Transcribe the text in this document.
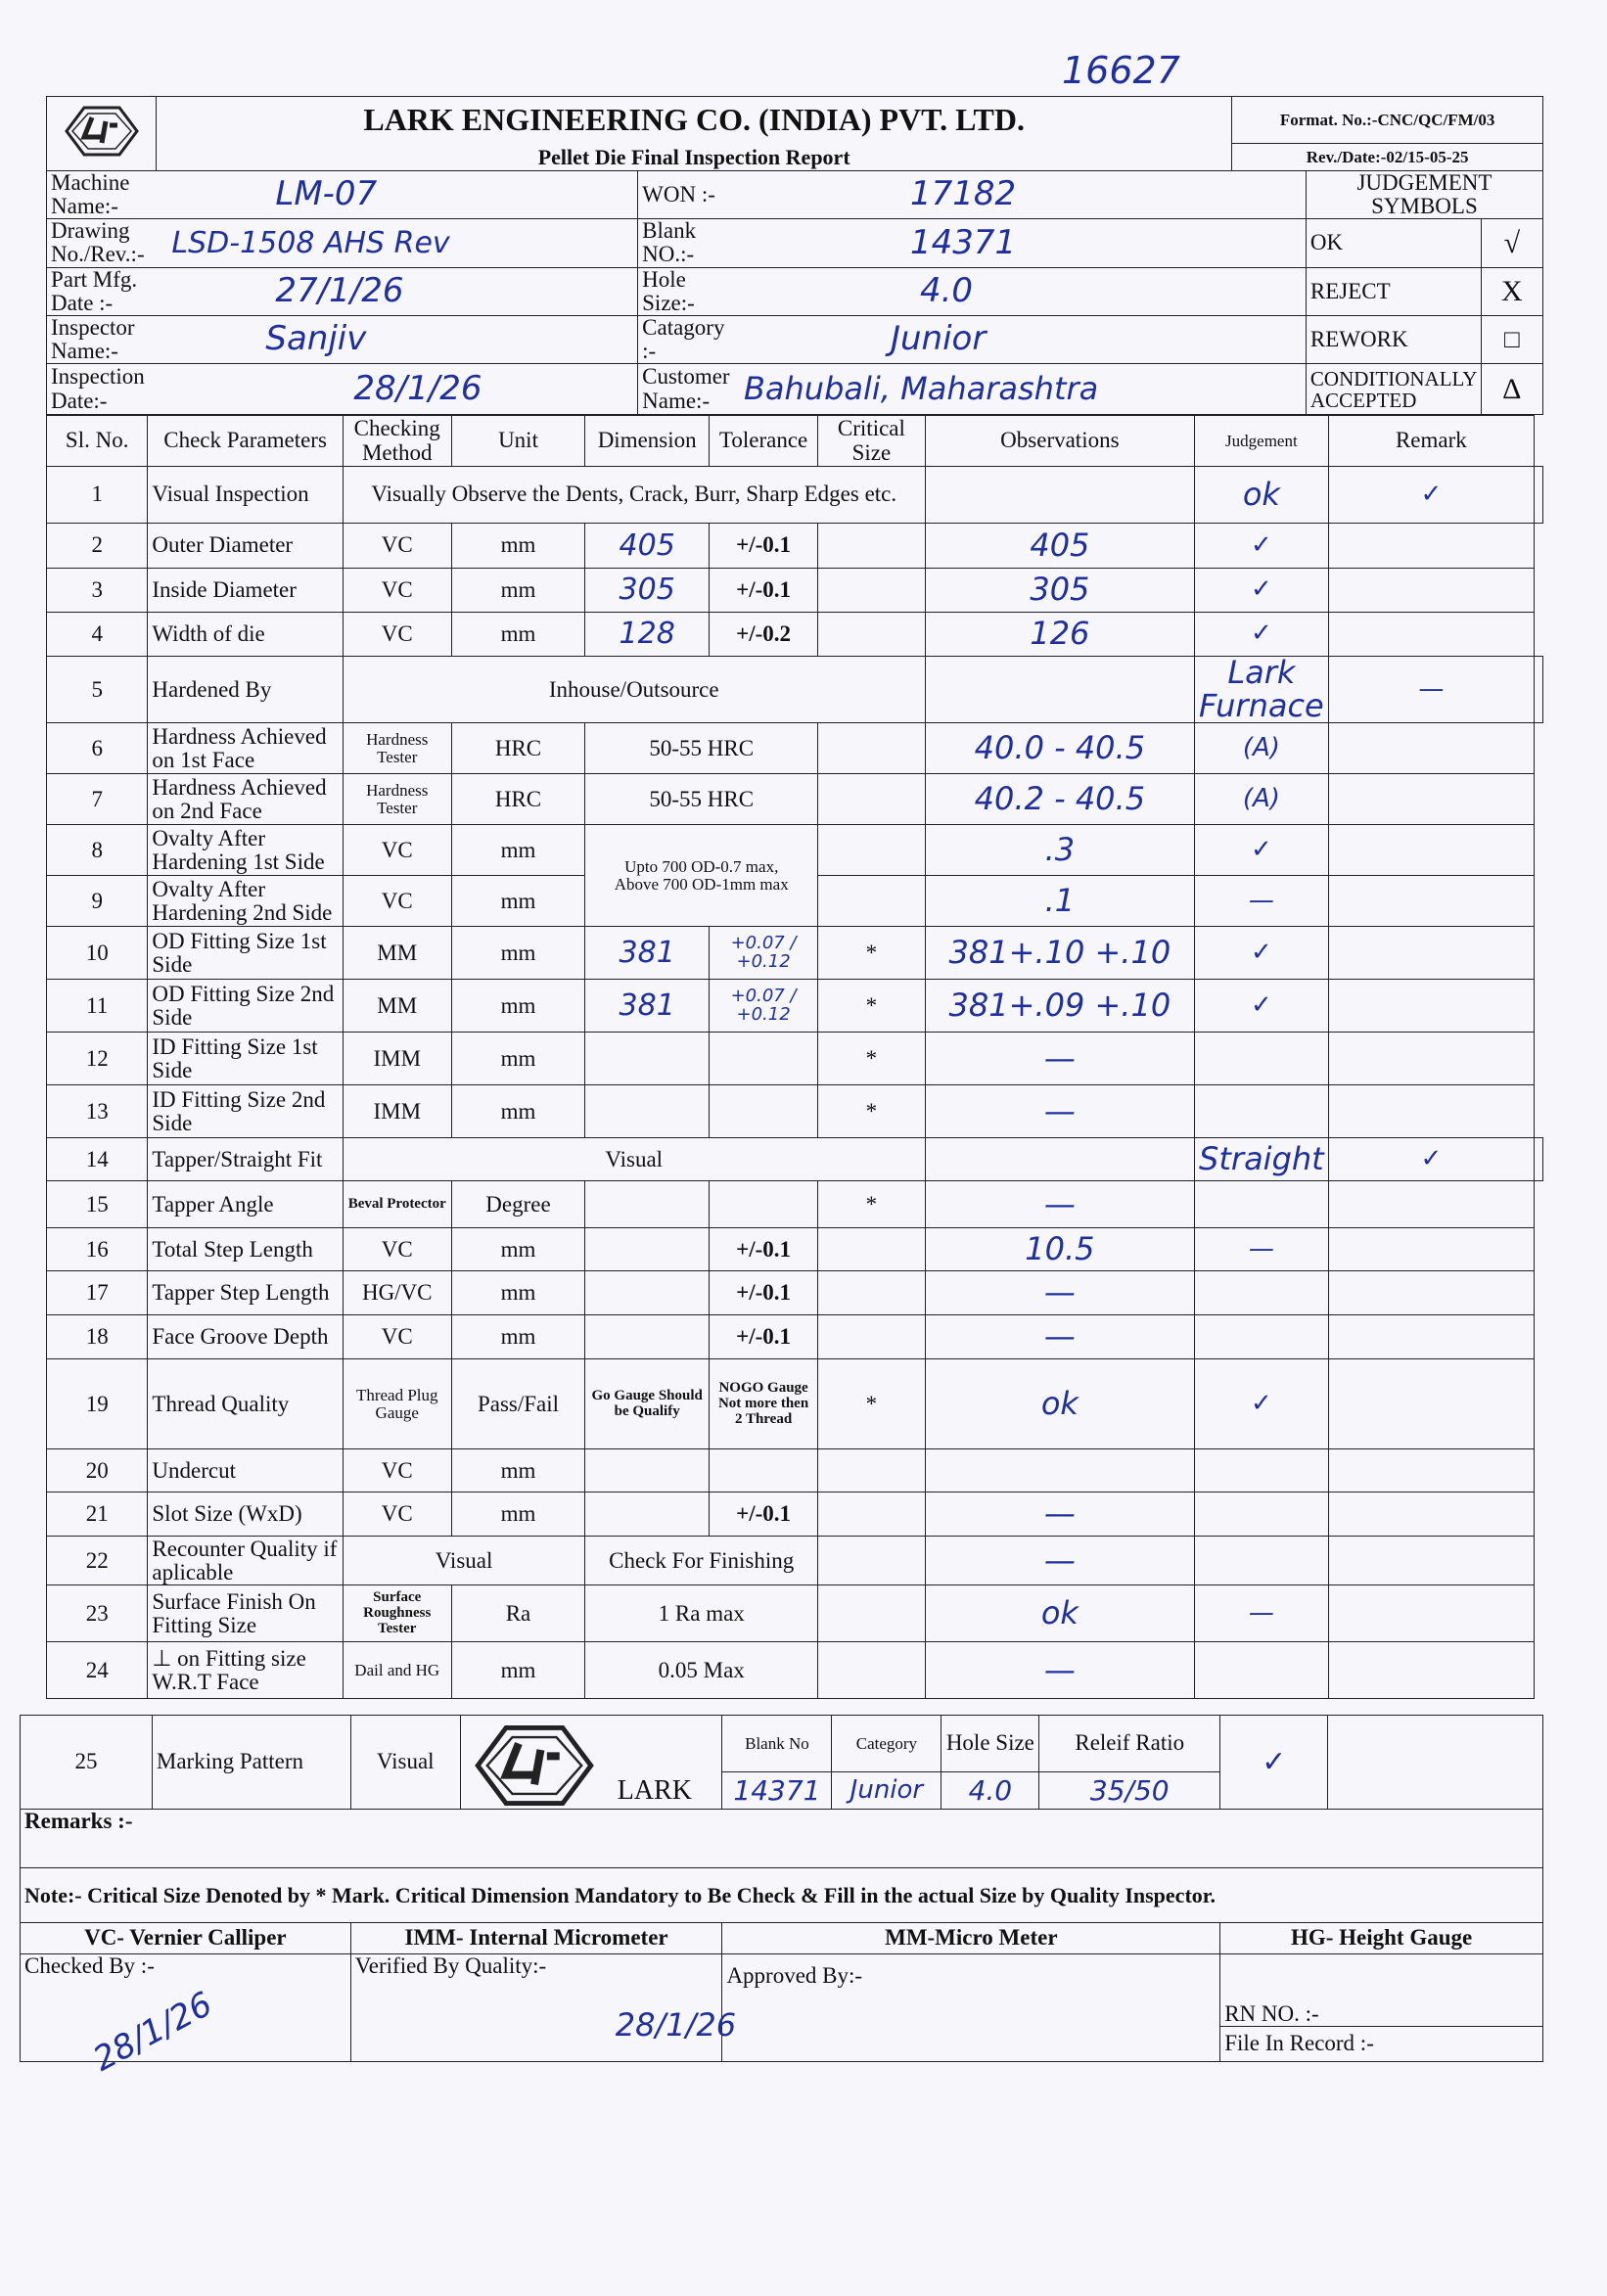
16627
	LARK ENGINEERING CO. (INDIA) PVT. LTD.	Format. No.:-CNC/QC/FM/03
	Pellet Die Final Inspection Report	Rev./Date:-02/15-05-25
Machine Name:-	LM-07	WON :-	17182	JUDGEMENT SYMBOLS	
Drawing No./Rev.:-	LSD-1508 AHS Rev	Blank NO.:-	14371	OK	√
Part Mfg. Date :-	27/1/26	Hole Size:-	4.0	REJECT	X
Inspector Name:-	Sanjiv	Catagory :-	Junior	REWORK	□
Inspection Date:-	28/1/26	Customer Name:-	Bahubali, Maharashtra	CONDITIONALLY ACCEPTED	Δ
Sl. No.	Check Parameters	Checking Method	Unit	Dimension	Tolerance	Critical Size	Observations	Judgement	Remark	
1	Visual Inspection	Visually Observe the Dents, Crack, Burr, Sharp Edges etc.						ok	✓	
2	Outer Diameter	VC	mm	405	+/-0.1		405	✓		
3	Inside Diameter	VC	mm	305	+/-0.1		305	✓		
4	Width of die	VC	mm	128	+/-0.2		126	✓		
5	Hardened By	Inhouse/Outsource						Lark Furnace	—	
6	Hardness Achieved on 1st Face	Hardness Tester	HRC	50-55 HRC			40.0 - 40.5	(A)		
7	Hardness Achieved on 2nd Face	Hardness Tester	HRC	50-55 HRC			40.2 - 40.5	(A)		
8	Ovalty After Hardening 1st Side	VC	mm	Upto 700 OD-0.7 max,
Above 700 OD-1mm max			.3	✓		
9	Ovalty After Hardening 2nd Side	VC	mm				.1	—		
10	OD Fitting Size 1st Side	MM	mm	381	+0.07 / +0.12	*	381+.10 +.10	✓		
11	OD Fitting Size 2nd Side	MM	mm	381	+0.07 / +0.12	*	381+.09 +.10	✓		
12	ID Fitting Size 1st Side	IMM	mm			*	—			
13	ID Fitting Size 2nd Side	IMM	mm			*	—			
14	Tapper/Straight Fit	Visual						Straight	✓	
15	Tapper Angle	Beval Protector	Degree			*	—			
16	Total Step Length	VC	mm		+/-0.1		10.5	—		
17	Tapper Step Length	HG/VC	mm		+/-0.1		—			
18	Face Groove Depth	VC	mm		+/-0.1		—			
19	Thread Quality	Thread Plug Gauge	Pass/Fail	Go Gauge Should be Qualify	NOGO Gauge Not more then 2 Thread	*	ok	✓		
20	Undercut	VC	mm							
21	Slot Size (WxD)	VC	mm		+/-0.1		—			
22	Recounter Quality if aplicable	Visual		Check For Finishing			—			
23	Surface Finish On Fitting Size	Surface Roughness Tester	Ra	1 Ra max			ok	—		
24	⊥ on Fitting size W.R.T Face	Dail and HG	mm	0.05 Max			—			
25	Marking Pattern	Visual	LARK	Blank No	Category	Hole Size	Releif Ratio	✓	
				14371	Junior	4.0	35/50		
Remarks :-									
Note:- Critical Size Denoted by * Mark. Critical Dimension Mandatory to Be Check & Fill in the actual Size by Quality Inspector.									
VC- Vernier Calliper		IMM- Internal Micrometer		MM-Micro Meter				HG- Height Gauge	
Checked By :-
28/1/26		Verified By Quality:-
28/1/26		Approved By:-				RN NO. :-	
								File In Record :-	
